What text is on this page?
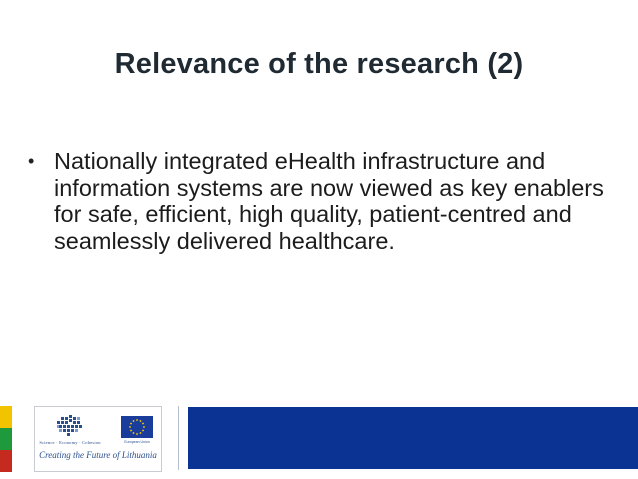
Relevance of the research (2)
• Nationally integrated eHealth infrastructure and information systems are now viewed as key enablers for safe, efficient, high quality, patient-centred and seamlessly delivered healthcare.
Science · Economy · Cohesion	European Union
Creating the Future of Lithuania
